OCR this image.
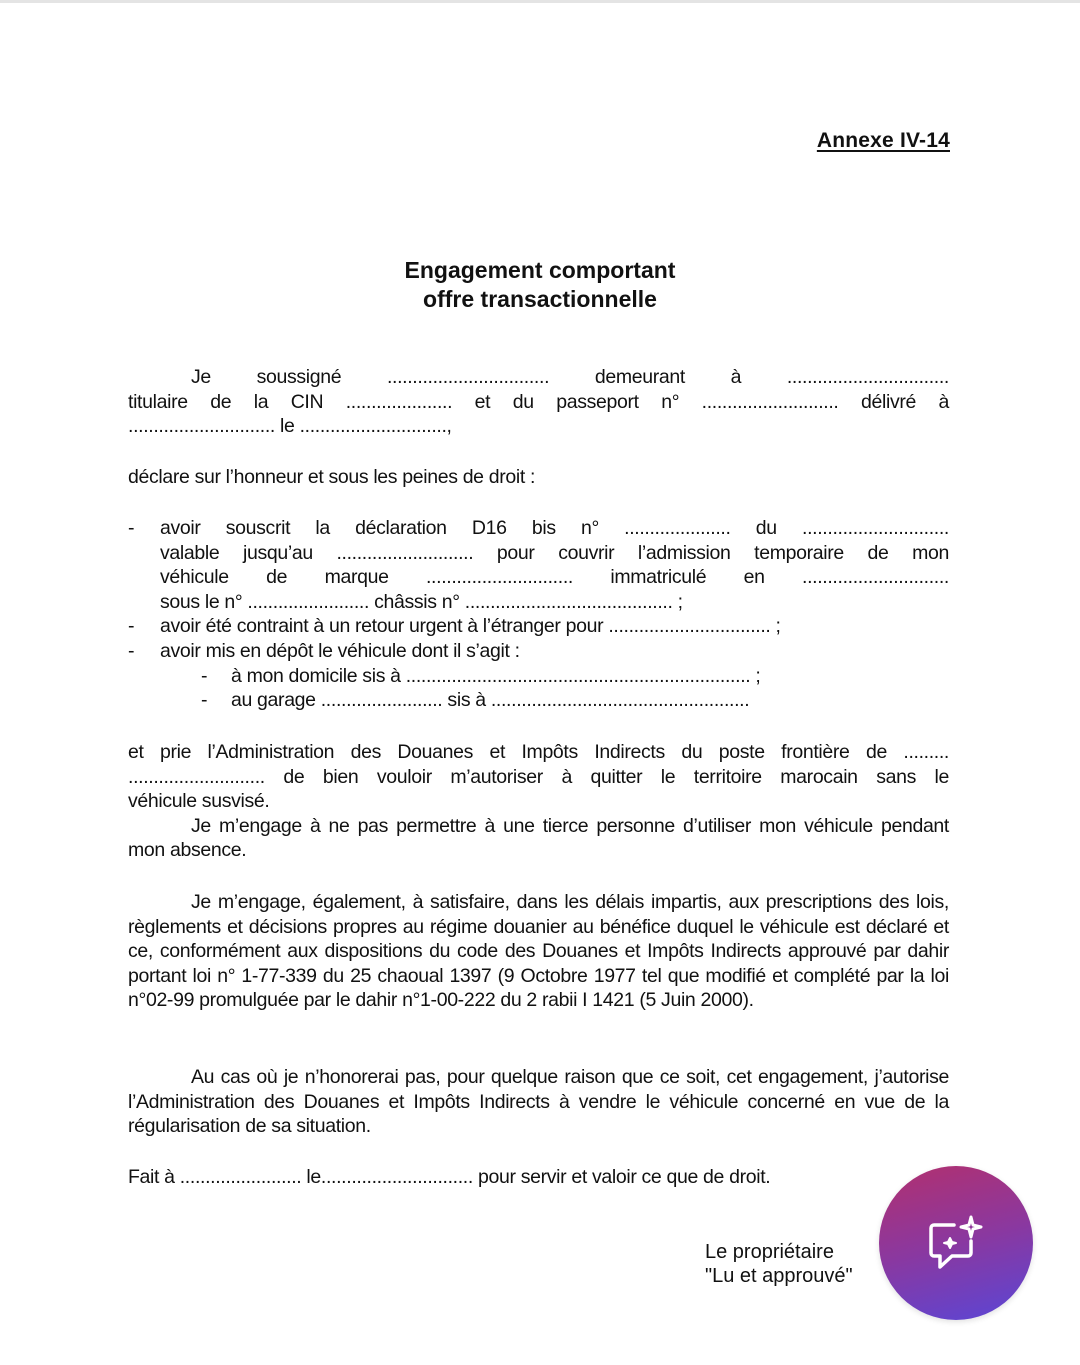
Annexe IV-14
Engagement comportant
offre transactionnelle
Je soussigné ................................ demeurant à ................................
titulaire de la CIN ..................... et du passeport n° ........................... délivré à
............................. le .............................,
déclare sur l’honneur et sous les peines de droit :
- avoir souscrit la déclaration D16 bis n° ..................... du .............................
valable jusqu’au ........................... pour couvrir l’admission temporaire de mon
véhicule de marque ............................. immatriculé en .............................
sous le n° ........................ châssis n° ......................................... ;
- avoir été contraint à un retour urgent à l’étranger pour ................................ ;
- avoir mis en dépôt le véhicule dont il s’agit :
- à mon domicile sis à .................................................................... ;
- au garage ........................ sis à ...................................................
et prie l’Administration des Douanes et Impôts Indirects du poste frontière de .........
........................... de bien vouloir m’autoriser à quitter le territoire marocain sans le
véhicule susvisé.

Je m’engage à ne pas permettre à une tierce personne d’utiliser mon véhicule pendant mon absence.

Je m’engage, également, à satisfaire, dans les délais impartis, aux prescriptions des lois, règlements et décisions propres au régime douanier au bénéfice duquel le véhicule est déclaré et ce, conformément aux dispositions du code des Douanes et Impôts Indirects approuvé par dahir portant loi n° 1-77-339 du 25 chaoual 1397 (9 Octobre 1977 tel que modifié et complété par la loi n°02-99 promulguée par le dahir n°1-00-222 du 2 rabii I 1421 (5 Juin 2000).

Au cas où je n’honorerai pas, pour quelque raison que ce soit, cet engagement, j’autorise l’Administration des Douanes et Impôts Indirects à vendre le véhicule concerné en vue de la régularisation de sa situation.

Fait à ........................ le.............................. pour servir et valoir ce que de droit.
Le propriétaire
"Lu et approuvé"
